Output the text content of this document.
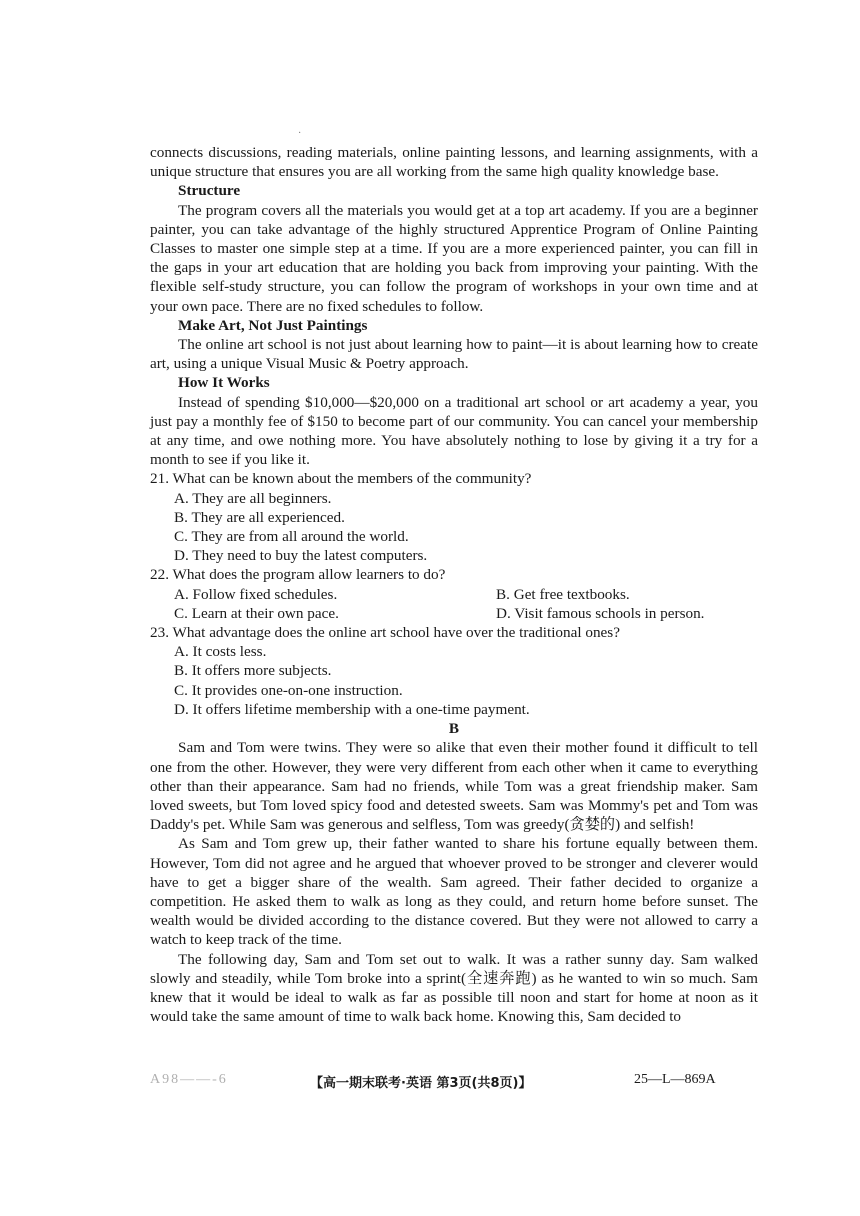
·

connects discussions, reading materials, online painting lessons, and learning assignments, with a unique structure that ensures you are all working from the same high quality knowledge base.

Structure

The program covers all the materials you would get at a top art academy. If you are a beginner painter, you can take advantage of the highly structured Apprentice Program of Online Painting Classes to master one simple step at a time. If you are a more experienced painter, you can fill in the gaps in your art education that are holding you back from improving your painting. With the flexible self-study structure, you can follow the program of workshops in your own time and at your own pace. There are no fixed schedules to follow.

Make Art, Not Just Paintings

The online art school is not just about learning how to paint—it is about learning how to create art, using a unique Visual Music & Poetry approach.

How It Works

Instead of spending $10,000—$20,000 on a traditional art school or art academy a year, you just pay a monthly fee of $150 to become part of our community. You can cancel your membership at any time, and owe nothing more. You have absolutely nothing to lose by giving it a try for a month to see if you like it.

21. What can be known about the members of the community?

A. They are all beginners.

B. They are all experienced.

C. They are from all around the world.

D. They need to buy the latest computers.

22. What does the program allow learners to do?

A. Follow fixed schedules.	B. Get free textbooks.
C. Learn at their own pace.	D. Visit famous schools in person.

23. What advantage does the online art school have over the traditional ones?

A. It costs less.

B. It offers more subjects.

C. It provides one-on-one instruction.

D. It offers lifetime membership with a one-time payment.

B

Sam and Tom were twins. They were so alike that even their mother found it difficult to tell one from the other. However, they were very different from each other when it came to everything other than their appearance. Sam had no friends, while Tom was a great friendship maker. Sam loved sweets, but Tom loved spicy food and detested sweets. Sam was Mommy's pet and Tom was Daddy's pet. While Sam was generous and selfless, Tom was greedy(贪婪的) and selfish!

As Sam and Tom grew up, their father wanted to share his fortune equally between them. However, Tom did not agree and he argued that whoever proved to be stronger and cleverer would have to get a bigger share of the wealth. Sam agreed. Their father decided to organize a competition. He asked them to walk as long as they could, and return home before sunset. The wealth would be divided according to the distance covered. But they were not allowed to carry a watch to keep track of the time.

The following day, Sam and Tom set out to walk. It was a rather sunny day. Sam walked slowly and steadily, while Tom broke into a sprint(全速奔跑) as he wanted to win so much. Sam knew that it would be ideal to walk as far as possible till noon and start for home at noon as it would take the same amount of time to walk back home. Knowing this, Sam decided to

A98——-6	【高一期末联考·英语 第3页(共8页)】	25—L—869A
